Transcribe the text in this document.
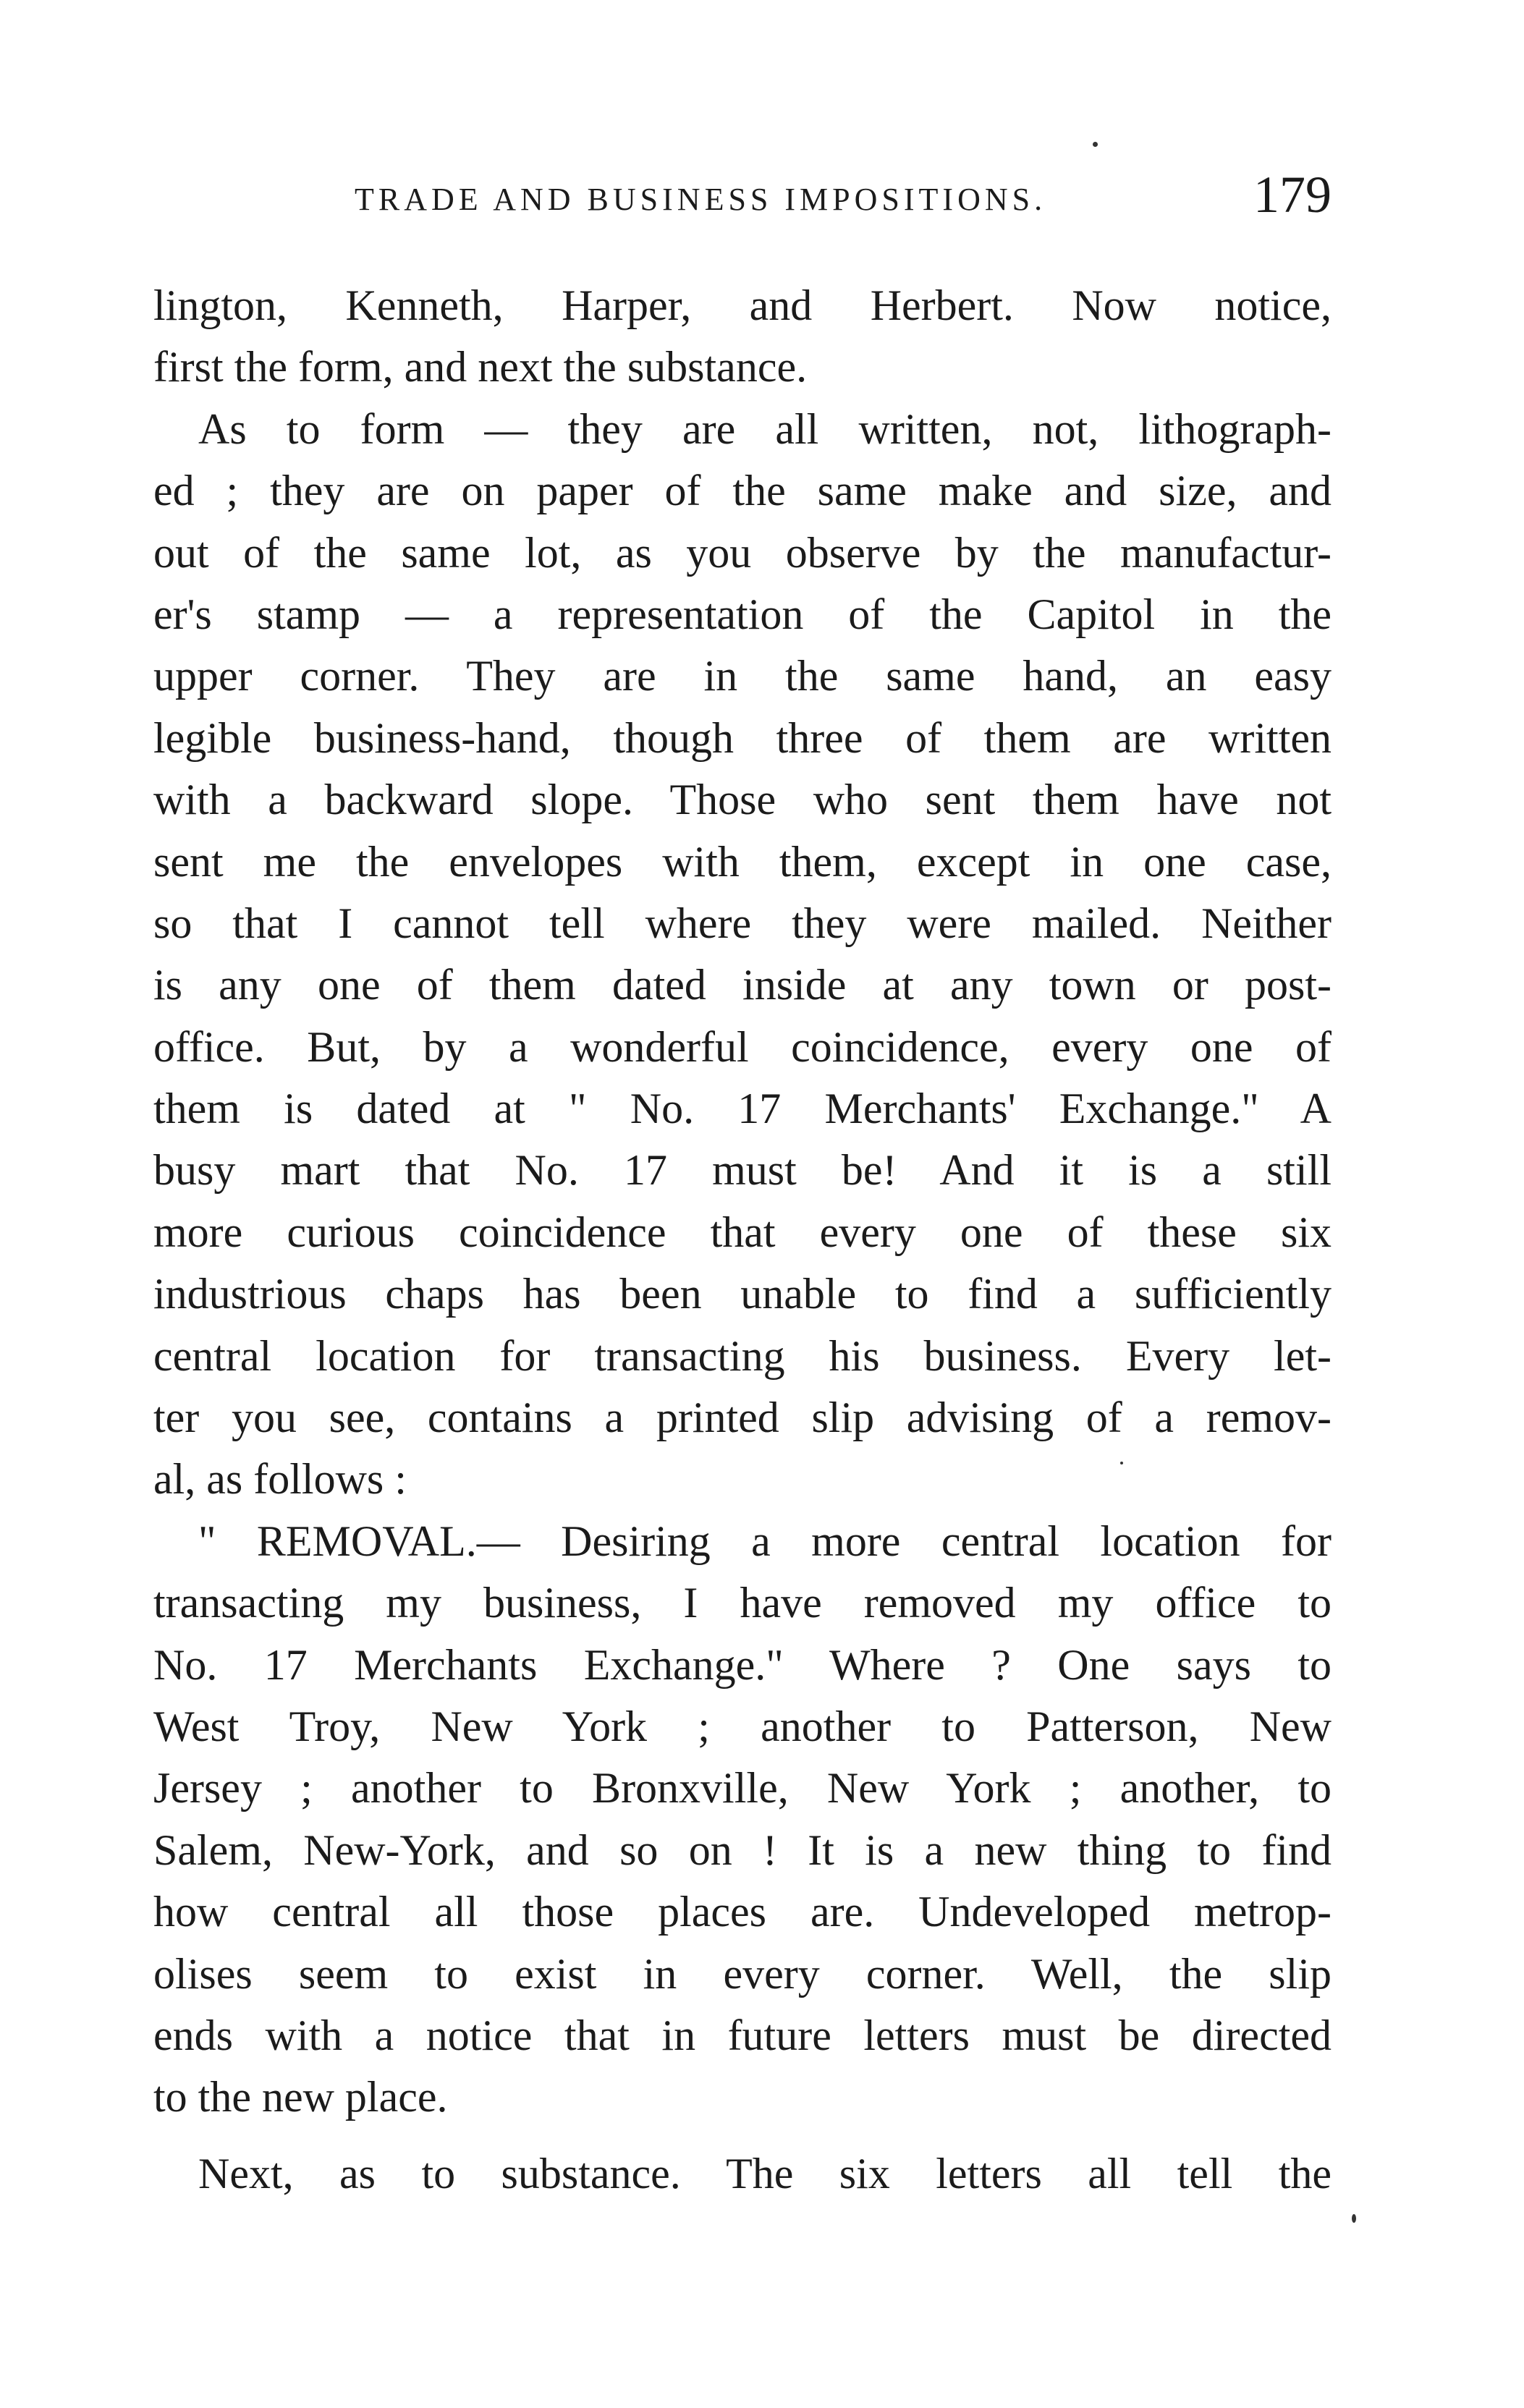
TRADE AND BUSINESS IMPOSITIONS.	179
lington, Kenneth, Harper, and Herbert. Now notice,
first the form, and next the substance.
As to form — they are all written, not, lithograph-
ed ; they are on paper of the same make and size, and
out of the same lot, as you observe by the manufactur-
er's stamp — a representation of the Capitol in the
upper corner. They are in the same hand, an easy
legible business-hand, though three of them are written
with a backward slope. Those who sent them have not
sent me the envelopes with them, except in one case,
so that I cannot tell where they were mailed. Neither
is any one of them dated inside at any town or post-
office. But, by a wonderful coincidence, every one of
them is dated at " No. 17 Merchants' Exchange." A
busy mart that No. 17 must be! And it is a still
more curious coincidence that every one of these six
industrious chaps has been unable to find a sufficiently
central location for transacting his business. Every let-
ter you see, contains a printed slip advising of a remov-
al, as follows :
" REMOVAL.— Desiring a more central location for
transacting my business, I have removed my office to
No. 17 Merchants Exchange." Where ? One says to
West Troy, New York ; another to Patterson, New
Jersey ; another to Bronxville, New York ; another, to
Salem, New-York, and so on ! It is a new thing to find
how central all those places are. Undeveloped metrop-
olises seem to exist in every corner. Well, the slip
ends with a notice that in future letters must be directed
to the new place.
Next, as to substance. The six letters all tell the
